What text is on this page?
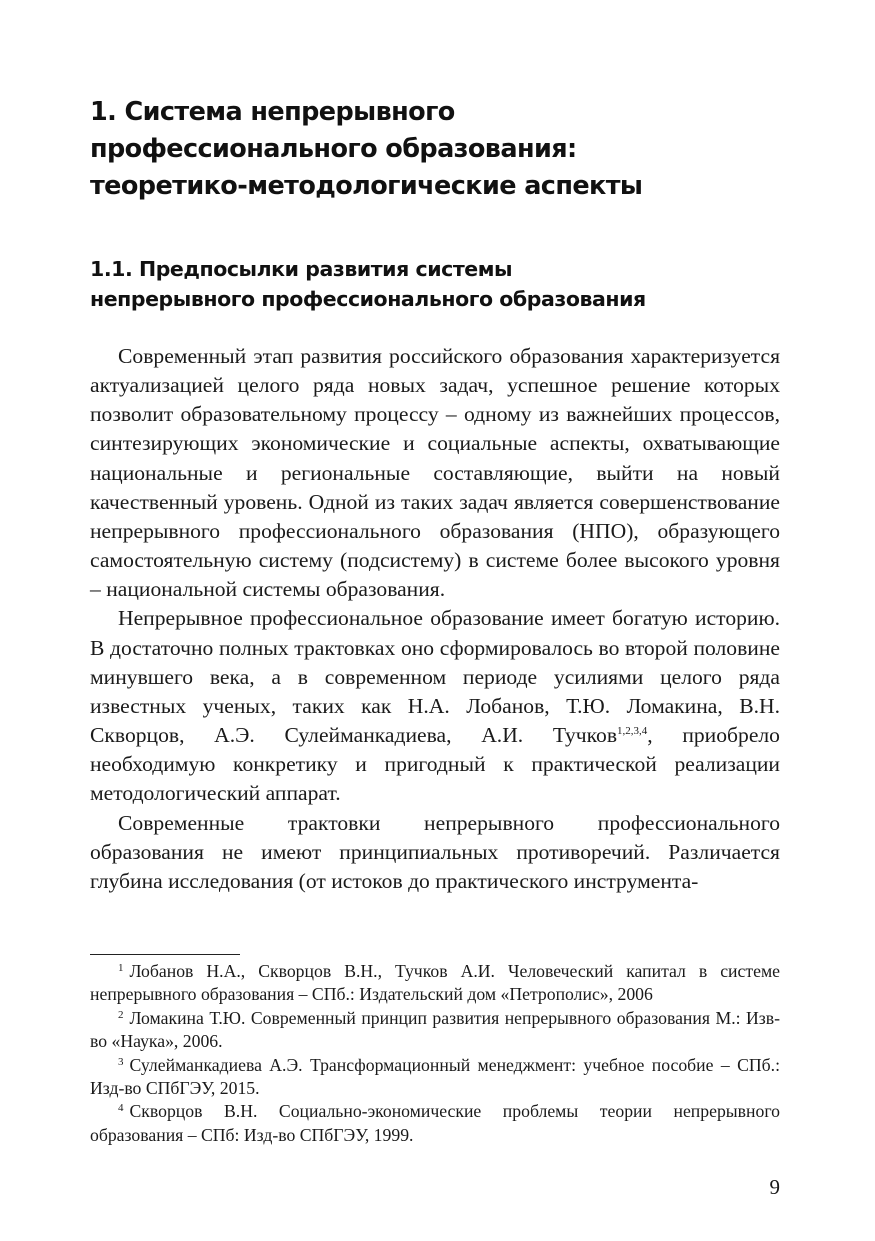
1. Система непрерывного
профессионального образования:
теоретико-методологические аспекты
1.1. Предпосылки развития системы
непрерывного профессионального образования

Современный этап развития российского образования характеризуется актуализацией целого ряда новых задач, успешное решение которых позволит образовательному процессу – одному из важнейших процессов, синтезирующих экономические и социальные аспекты, охватывающие национальные и региональные составляющие, выйти на новый качественный уровень. Одной из таких задач является совершенствование непрерывного профессионального образования (НПО), образующего самостоятельную систему (подсистему) в системе более высокого уровня – национальной системы образования.

Непрерывное профессиональное образование имеет богатую историю. В достаточно полных трактовках оно сформировалось во второй половине минувшего века, а в современном периоде усилиями целого ряда известных ученых, таких как Н.А. Лобанов, Т.Ю. Ломакина, В.Н. Скворцов, А.Э. Сулейманкадиева, А.И. Тучков$^{1,2,3,4}$, приобрело необходимую конкретику и пригодный к практической реализации методологический аппарат.

Современные трактовки непрерывного профессионального образования не имеют принципиальных противоречий. Различается глубина исследования (от истоков до практического инструмента-

$^1$ Лобанов Н.А., Скворцов В.Н., Тучков А.И. Человеческий капитал в системе непрерывного образования – СПб.: Издательский дом «Петрополис», 2006

$^2$ Ломакина Т.Ю. Современный принцип развития непрерывного образования М.: Изв-во «Наука», 2006.

$^3$ Сулейманкадиева А.Э. Трансформационный менеджмент: учебное пособие – СПб.: Изд-во СПбГЭУ, 2015.

$^4$ Скворцов В.Н. Социально-экономические проблемы теории непрерывного образования – СПб: Изд-во СПбГЭУ, 1999.

9
